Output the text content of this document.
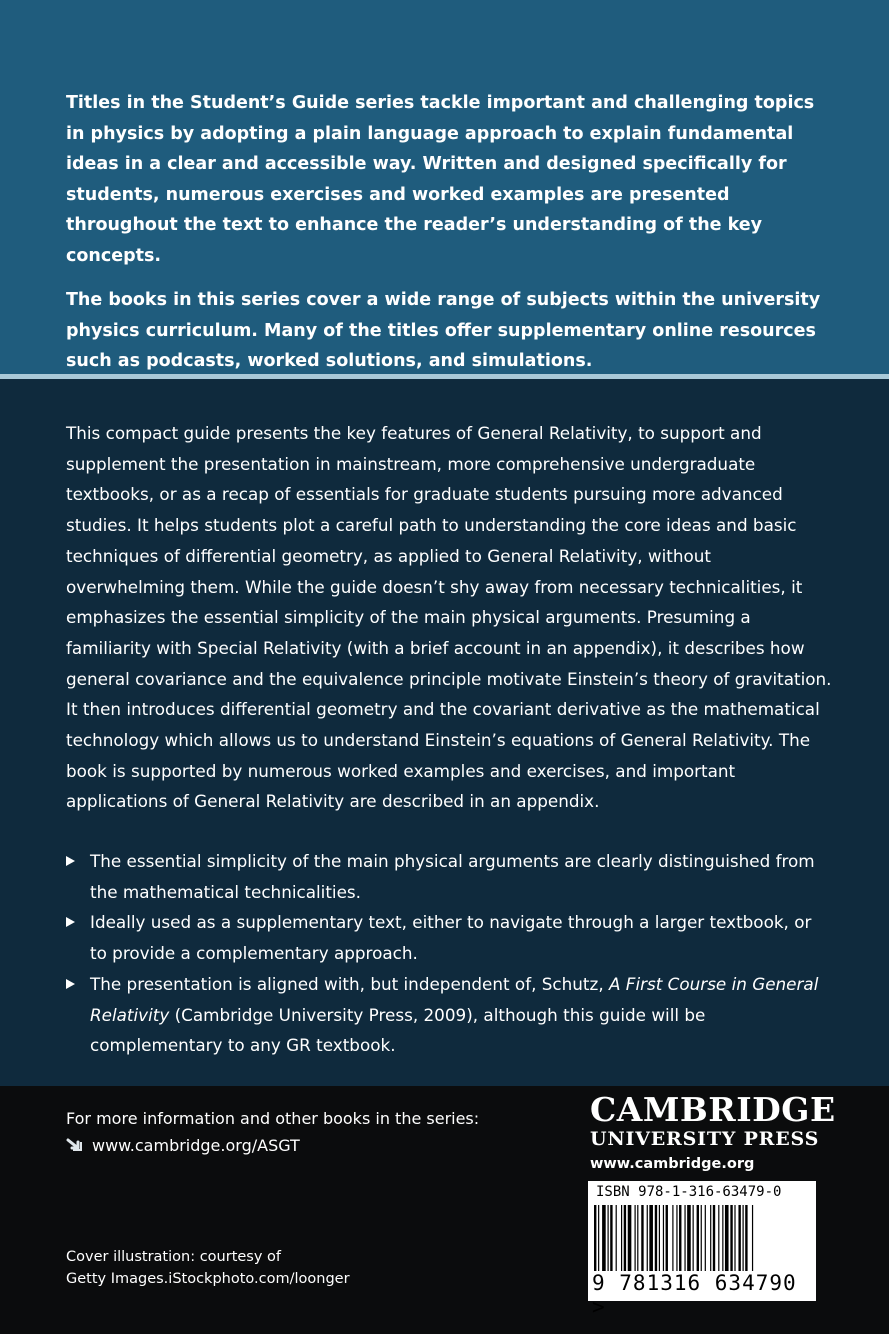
Titles in the Student’s Guide series tackle important and challenging topics in physics by adopting a plain language approach to explain fundamental ideas in a clear and accessible way. Written and designed specifically for students, numerous exercises and worked examples are presented throughout the text to enhance the reader’s understanding of the key concepts.

The books in this series cover a wide range of subjects within the university physics curriculum. Many of the titles offer supplementary online resources such as podcasts, worked solutions, and simulations.

This compact guide presents the key features of General Relativity, to support and supplement the presentation in mainstream, more comprehensive undergraduate textbooks, or as a recap of essentials for graduate students pursuing more advanced studies. It helps students plot a careful path to understanding the core ideas and basic techniques of differential geometry, as applied to General Relativity, without overwhelming them. While the guide doesn’t shy away from necessary technicalities, it emphasizes the essential simplicity of the main physical arguments. Presuming a familiarity with Special Relativity (with a brief account in an appendix), it describes how general covariance and the equivalence principle motivate Einstein’s theory of gravitation. It then introduces differential geometry and the covariant derivative as the mathematical technology which allows us to understand Einstein’s equations of General Relativity. The book is supported by numerous worked examples and exercises, and important applications of General Relativity are described in an appendix.

The essential simplicity of the main physical arguments are clearly distinguished from the mathematical technicalities.
Ideally used as a supplementary text, either to navigate through a larger textbook, or to provide a complementary approach.
The presentation is aligned with, but independent of, Schutz, A First Course in General Relativity (Cambridge University Press, 2009), although this guide will be complementary to any GR textbook.
For more information and other books in the series:
www.cambridge.org/ASGT
Cover illustration: courtesy of
Getty Images.iStockphoto.com/loonger
CAMBRIDGE
UNIVERSITY PRESS
www.cambridge.org
ISBN 978-1-316-63479-0
9 781316 634790 >
